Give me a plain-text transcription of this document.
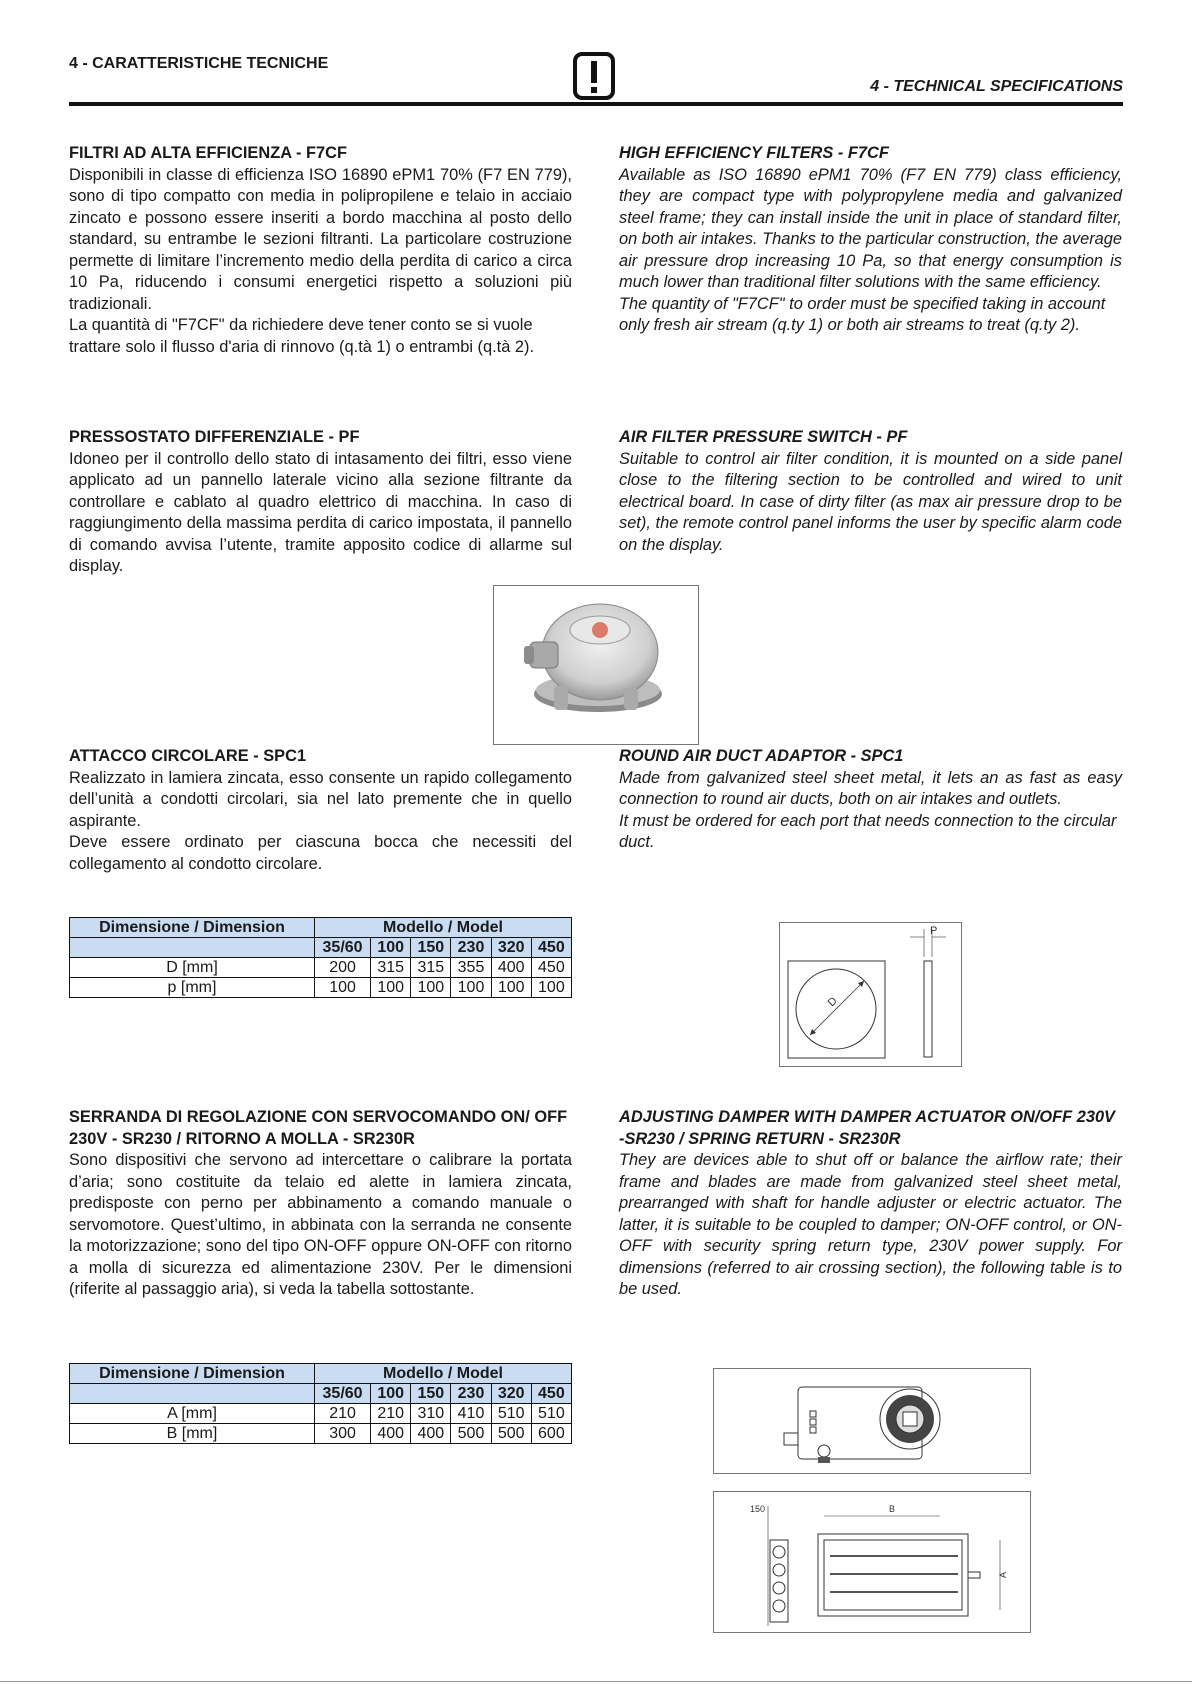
4 - CARATTERISTICHE TECNICHE
4 - TECHNICAL SPECIFICATIONS
FILTRI AD ALTA EFFICIENZA - F7CF

Disponibili in classe di efficienza ISO 16890 ePM1 70% (F7 EN 779), sono di tipo compatto con media in polipropilene e telaio in acciaio zincato e possono essere inseriti a bordo macchina al posto dello standard, su entrambe le sezioni filtranti. La particolare costruzione permette di limitare l’incremento medio della perdita di carico a circa 10 Pa, riducendo i consumi energetici rispetto a soluzioni più tradizionali.

La quantità di "F7CF" da richiedere deve tener conto se si vuole trattare solo il flusso d'aria di rinnovo (q.tà 1) o entrambi (q.tà 2).

HIGH EFFICIENCY FILTERS - F7CF

Available as ISO 16890 ePM1 70% (F7 EN 779) class efficiency, they are compact type with polypropylene media and galvanized steel frame; they can install inside the unit in place of standard filter, on both air intakes. Thanks to the particular construction, the average air pressure drop increasing 10 Pa, so that energy consumption is much lower than traditional filter solutions with the same efficiency.

The quantity of "F7CF" to order must be specified taking in account only fresh air stream (q.ty 1) or both air streams to treat (q.ty 2).

PRESSOSTATO DIFFERENZIALE - PF

Idoneo per il controllo dello stato di intasamento dei filtri, esso viene applicato ad un pannello laterale vicino alla sezione filtrante da controllare e cablato al quadro elettrico di macchina. In caso di raggiungimento della massima perdita di carico impostata, il pannello di comando avvisa l’utente, tramite apposito codice di allarme sul display.

AIR FILTER PRESSURE SWITCH - PF

Suitable to control air filter condition, it is mounted on a side panel close to the filtering section to be controlled and wired to unit electrical board. In case of dirty filter (as max air pressure drop to be set), the remote control panel informs the user by specific alarm code on the display.

ATTACCO CIRCOLARE - SPC1

Realizzato in lamiera zincata, esso consente un rapido collegamento dell’unità a condotti circolari, sia nel lato premente che in quello aspirante.

Deve essere ordinato per ciascuna bocca che necessiti del collegamento al condotto circolare.

ROUND AIR DUCT ADAPTOR - SPC1

Made from galvanized steel sheet metal, it lets an as fast as easy connection to round air ducts, both on air intakes and outlets.

It must be ordered for each port that needs connection to the circular duct.

Dimensione / Dimension	Modello / Model					
	35/60	100	150	230	320	450
D [mm]	200	315	315	355	400	450
p [mm]	100	100	100	100	100	100
D
P
SERRANDA DI REGOLAZIONE CON SERVOCOMANDO ON/ OFF 230V - SR230 / RITORNO A MOLLA - SR230R

Sono dispositivi che servono ad intercettare o calibrare la portata d’aria; sono costituite da telaio ed alette in lamiera zincata, predisposte con perno per abbinamento a comando manuale o servomotore. Quest’ultimo, in abbinata con la serranda ne consente la motorizzazione; sono del tipo ON-OFF oppure ON-OFF con ritorno a molla di sicurezza ed alimentazione 230V. Per le dimensioni (riferite al passaggio aria), si veda la tabella sottostante.

ADJUSTING DAMPER WITH DAMPER ACTUATOR ON/OFF 230V -SR230 / SPRING RETURN - SR230R

They are devices able to shut off or balance the airflow rate; their frame and blades are made from galvanized steel sheet metal, prearranged with shaft for handle adjuster or electric actuator. The latter, it is suitable to be coupled to damper; ON-OFF control, or ON-OFF with security spring return type, 230V power supply. For dimensions (referred to air crossing section), the following table is to be used.

Dimensione / Dimension	Modello / Model					
	35/60	100	150	230	320	450
A [mm]	210	210	310	410	510	510
B [mm]	300	400	400	500	500	600
150	B
A
